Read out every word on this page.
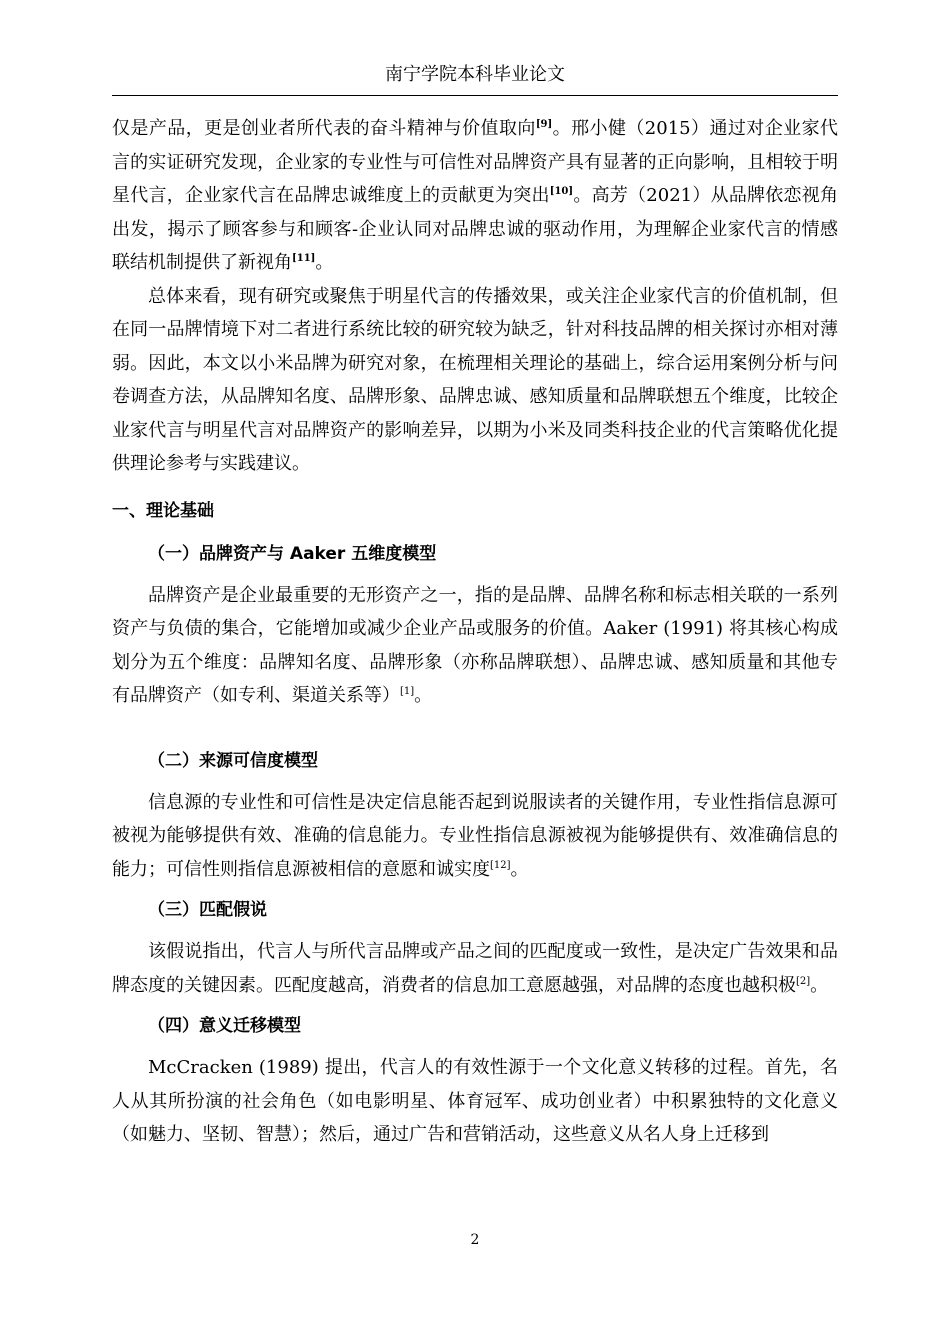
南宁学院本科毕业论文

仅是产品，更是创业者所代表的奋斗精神与价值取向[9]。邢小健（2015）通过对企业家代言的实证研究发现，企业家的专业性与可信性对品牌资产具有显著的正向影响，且相较于明星代言，企业家代言在品牌忠诚维度上的贡献更为突出[10]。高芳（2021）从品牌依恋视角出发，揭示了顾客参与和顾客-企业认同对品牌忠诚的驱动作用，为理解企业家代言的情感联结机制提供了新视角[11]。

总体来看，现有研究或聚焦于明星代言的传播效果，或关注企业家代言的价值机制，但在同一品牌情境下对二者进行系统比较的研究较为缺乏，针对科技品牌的相关探讨亦相对薄弱。因此，本文以小米品牌为研究对象，在梳理相关理论的基础上，综合运用案例分析与问卷调查方法，从品牌知名度、品牌形象、品牌忠诚、感知质量和品牌联想五个维度，比较企业家代言与明星代言对品牌资产的影响差异，以期为小米及同类科技企业的代言策略优化提供理论参考与实践建议。

一、理论基础
（一）品牌资产与 Aaker 五维度模型

品牌资产是企业最重要的无形资产之一，指的是品牌、品牌名称和标志相关联的一系列资产与负债的集合，它能增加或减少企业产品或服务的价值。Aaker (1991) 将其核心构成划分为五个维度：品牌知名度、品牌形象（亦称品牌联想）、品牌忠诚、感知质量和其他专有品牌资产（如专利、渠道关系等）[1]。

（二）来源可信度模型

信息源的专业性和可信性是决定信息能否起到说服读者的关键作用，专业性指信息源可被视为能够提供有效、准确的信息能力。专业性指信息源被视为能够提供有、效准确信息的能力；可信性则指信息源被相信的意愿和诚实度[12]。

（三）匹配假说

该假说指出，代言人与所代言品牌或产品之间的匹配度或一致性，是决定广告效果和品牌态度的关键因素。匹配度越高，消费者的信息加工意愿越强，对品牌的态度也越积极[2]。

（四）意义迁移模型

McCracken (1989) 提出，代言人的有效性源于一个文化意义转移的过程。首先，名人从其所扮演的社会角色（如电影明星、体育冠军、成功创业者）中积累独特的文化意义（如魅力、坚韧、智慧）；然后，通过广告和营销活动，这些意义从名人身上迁移到

2
